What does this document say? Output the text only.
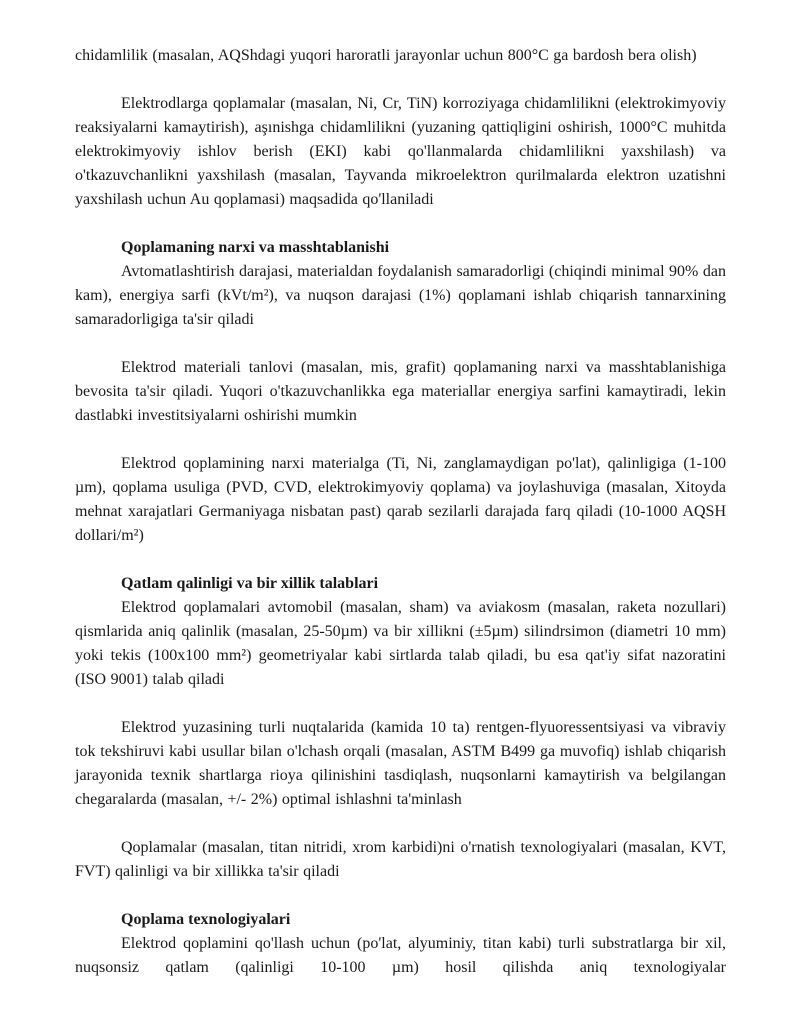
chidamlilik (masalan, AQShdagi yuqori haroratli jarayonlar uchun 800°C ga bardosh bera olish)

Elektrodlarga qoplamalar (masalan, Ni, Cr, TiN) korroziyaga chidamlilikni (elektrokimyoviy reaksiyalarni kamaytirish), aşınishga chidamlilikni (yuzaning qattiqligini oshirish, 1000°C muhitda elektrokimyoviy ishlov berish (EKI) kabi qo'llanmalarda chidamlilikni yaxshilash) va o'tkazuvchanlikni yaxshilash (masalan, Tayvanda mikroelektron qurilmalarda elektron uzatishni yaxshilash uchun Au qoplamasi) maqsadida qo'llaniladi

Qoplamaning narxi va masshtablanishi

Avtomatlashtirish darajasi, materialdan foydalanish samaradorligi (chiqindi minimal 90% dan kam), energiya sarfi (kVt/m²), va nuqson darajasi (1%) qoplamani ishlab chiqarish tannarxining samaradorligiga ta'sir qiladi

Elektrod materiali tanlovi (masalan, mis, grafit) qoplamaning narxi va masshtablanishiga bevosita ta'sir qiladi. Yuqori o'tkazuvchanlikka ega materiallar energiya sarfini kamaytiradi, lekin dastlabki investitsiyalarni oshirishi mumkin

Elektrod qoplamining narxi materialga (Ti, Ni, zanglamaydigan po'lat), qalinligiga (1-100 µm), qoplama usuliga (PVD, CVD, elektrokimyoviy qoplama) va joylashuviga (masalan, Xitoyda mehnat xarajatlari Germaniyaga nisbatan past) qarab sezilarli darajada farq qiladi (10-1000 AQSH dollari/m²)

Qatlam qalinligi va bir xillik talablari

Elektrod qoplamalari avtomobil (masalan, sham) va aviakosm (masalan, raketa nozullari) qismlarida aniq qalinlik (masalan, 25-50µm) va bir xillikni (±5µm) silindrsimon (diametri 10 mm) yoki tekis (100x100 mm²) geometriyalar kabi sirtlarda talab qiladi, bu esa qat'iy sifat nazoratini (ISO 9001) talab qiladi

Elektrod yuzasining turli nuqtalarida (kamida 10 ta) rentgen-flyuoressentsiyasi va vibraviy tok tekshiruvi kabi usullar bilan o'lchash orqali (masalan, ASTM B499 ga muvofiq) ishlab chiqarish jarayonida texnik shartlarga rioya qilinishini tasdiqlash, nuqsonlarni kamaytirish va belgilangan chegaralarda (masalan, +/- 2%) optimal ishlashni ta'minlash

Qoplamalar (masalan, titan nitridi, xrom karbidi)ni o'rnatish texnologiyalari (masalan, KVT, FVT) qalinligi va bir xillikka ta'sir qiladi

Qoplama texnologiyalari

Elektrod qoplamini qo'llash uchun (po'lat, alyuminiy, titan kabi) turli substratlarga bir xil, nuqsonsiz qatlam (qalinligi 10-100 µm) hosil qilishda aniq texnologiyalar
